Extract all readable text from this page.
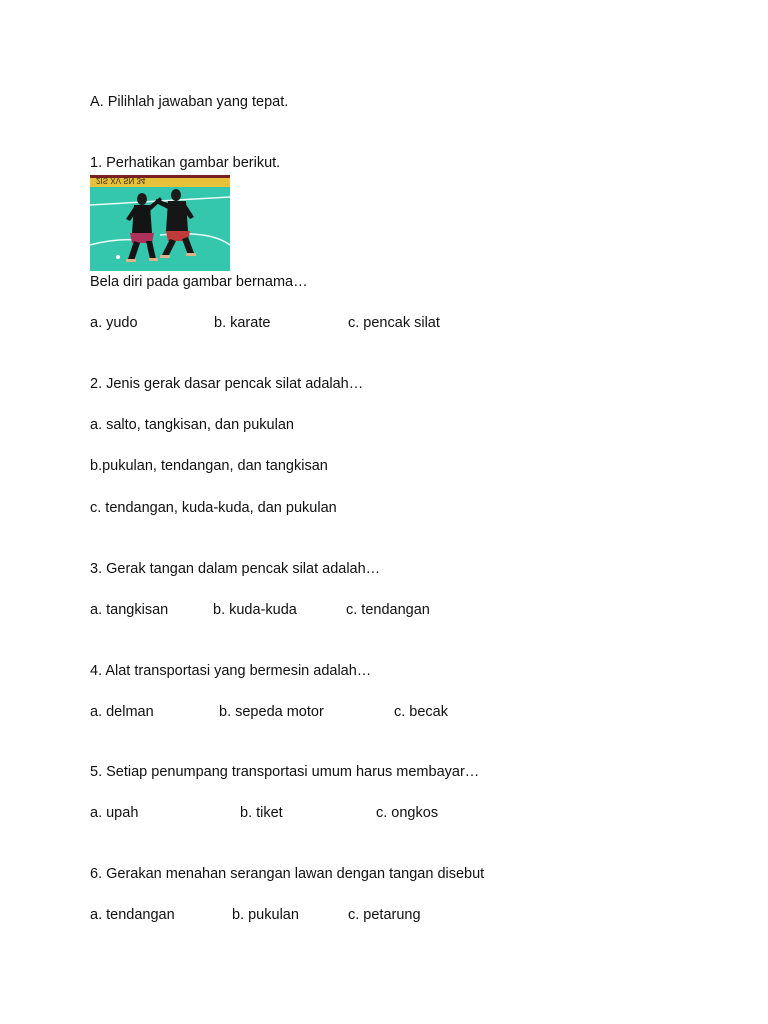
A. Pilihlah jawaban yang tepat.
1. Perhatikan gambar berikut.
2IS XV SN 34
Bela diri pada gambar bernama…
a. yudo	b. karate	c. pencak silat
2. Jenis gerak dasar pencak silat adalah…
a. salto, tangkisan, dan pukulan
b.pukulan, tendangan, dan tangkisan
c. tendangan, kuda-kuda, dan pukulan
3. Gerak tangan dalam pencak silat adalah…
a. tangkisan	b. kuda-kuda	c. tendangan
4. Alat transportasi yang bermesin adalah…
a. delman	b. sepeda motor	c. becak
5. Setiap penumpang transportasi umum harus membayar…
a. upah	b. tiket	c. ongkos
6. Gerakan menahan serangan lawan dengan tangan disebut
a. tendangan	b. pukulan	c. petarung
